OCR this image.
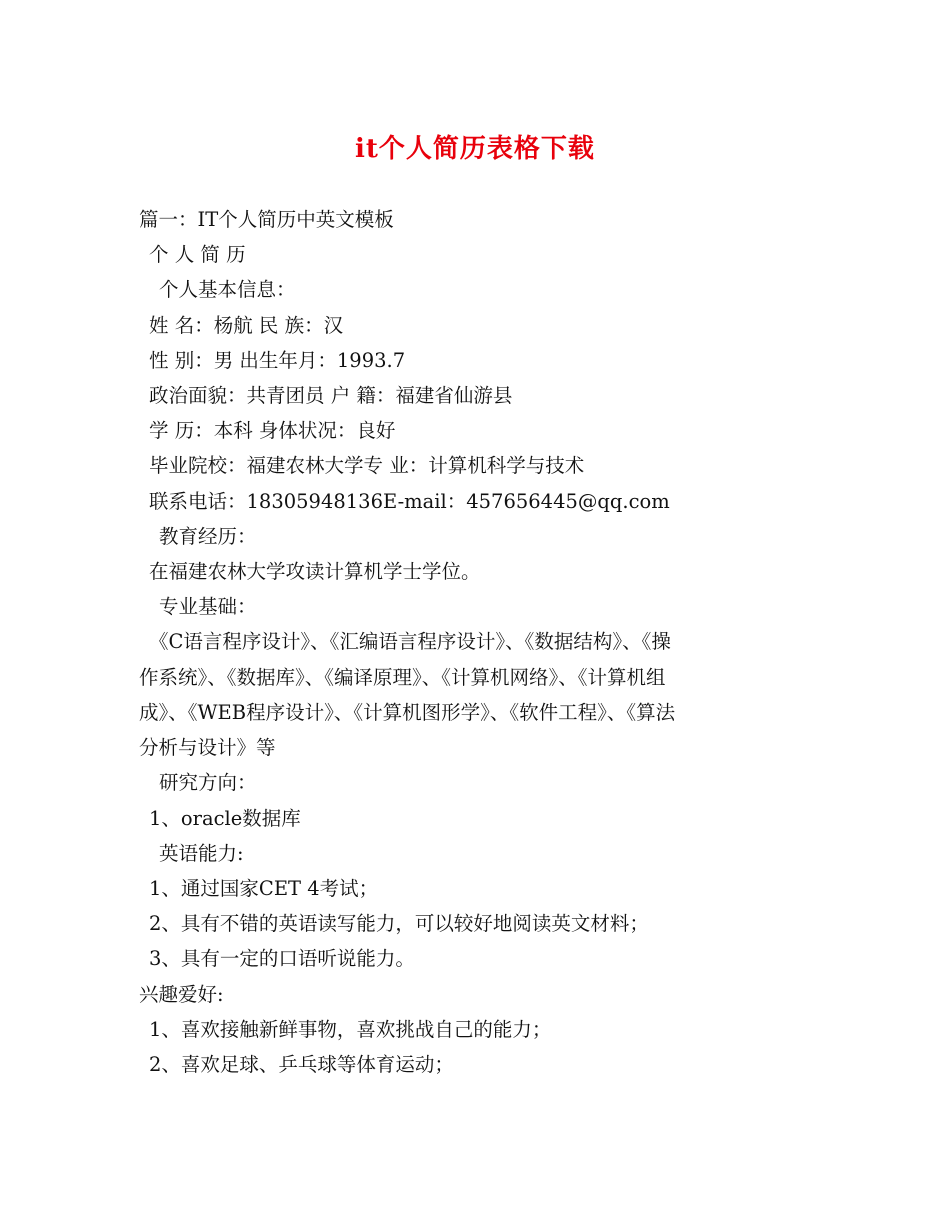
it个人简历表格下载
篇一：IT个人简历中英文模板
个 人 简 历
个人基本信息：
姓 名：杨航 民 族：汉
性 别：男 出生年月：1993.7
政治面貌：共青团员 户 籍：福建省仙游县
学 历：本科 身体状况：良好
毕业院校：福建农林大学专 业：计算机科学与技术
联系电话：18305948136E-mail：457656445@qq.com
教育经历：
在福建农林大学攻读计算机学士学位。
专业基础：
《C语言程序设计》、《汇编语言程序设计》、《数据结构》、《操
作系统》、《数据库》、《编译原理》、《计算机网络》、《计算机组
成》、《WEB程序设计》、《计算机图形学》、《软件工程》、《算法
分析与设计》等
研究方向：
1、oracle数据库
英语能力:
1、通过国家CET 4考试；
2、具有不错的英语读写能力，可以较好地阅读英文材料；
3、具有一定的口语听说能力。
兴趣爱好:
1、喜欢接触新鲜事物，喜欢挑战自己的能力；
2、喜欢足球、乒乓球等体育运动；
